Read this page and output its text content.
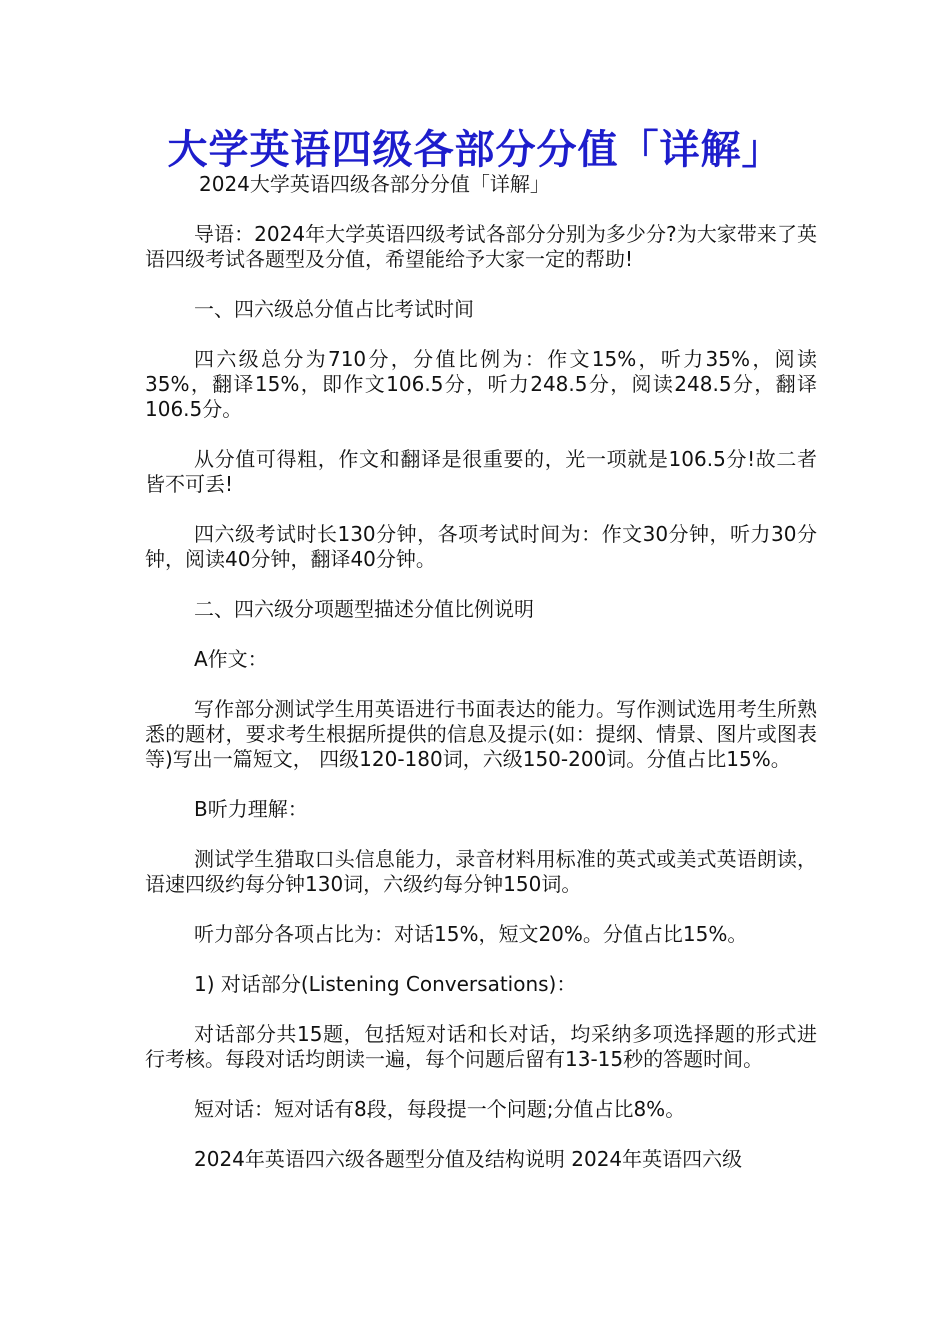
大学英语四级各部分分值「详解」

2024大学英语四级各部分分值「详解」

导语：2024年大学英语四级考试各部分分别为多少分?为大家带来了英语四级考试各题型及分值，希望能给予大家一定的帮助!

一、四六级总分值占比考试时间

四六级总分为710分，分值比例为：作文15%，听力35%，阅读35%，翻译15%，即作文106.5分，听力248.5分，阅读248.5分，翻译106.5分。

从分值可得粗，作文和翻译是很重要的，光一项就是106.5分!故二者皆不可丢!

四六级考试时长130分钟，各项考试时间为：作文30分钟，听力30分钟，阅读40分钟，翻译40分钟。

二、四六级分项题型描述分值比例说明

A作文：

写作部分测试学生用英语进行书面表达的能力。写作测试选用考生所熟悉的题材，要求考生根据所提供的信息及提示(如：提纲、情景、图片或图表等)写出一篇短文， 四级120-180词，六级150-200词。分值占比15%。

B听力理解：

测试学生猎取口头信息能力，录音材料用标准的英式或美式英语朗读，语速四级约每分钟130词，六级约每分钟150词。

听力部分各项占比为：对话15%，短文20%。分值占比15%。

1) 对话部分(Listening Conversations)：

对话部分共15题，包括短对话和长对话，均采纳多项选择题的形式进行考核。每段对话均朗读一遍，每个问题后留有13-15秒的答题时间。

短对话：短对话有8段，每段提一个问题;分值占比8%。

2024年英语四六级各题型分值及结构说明 2024年英语四六级
